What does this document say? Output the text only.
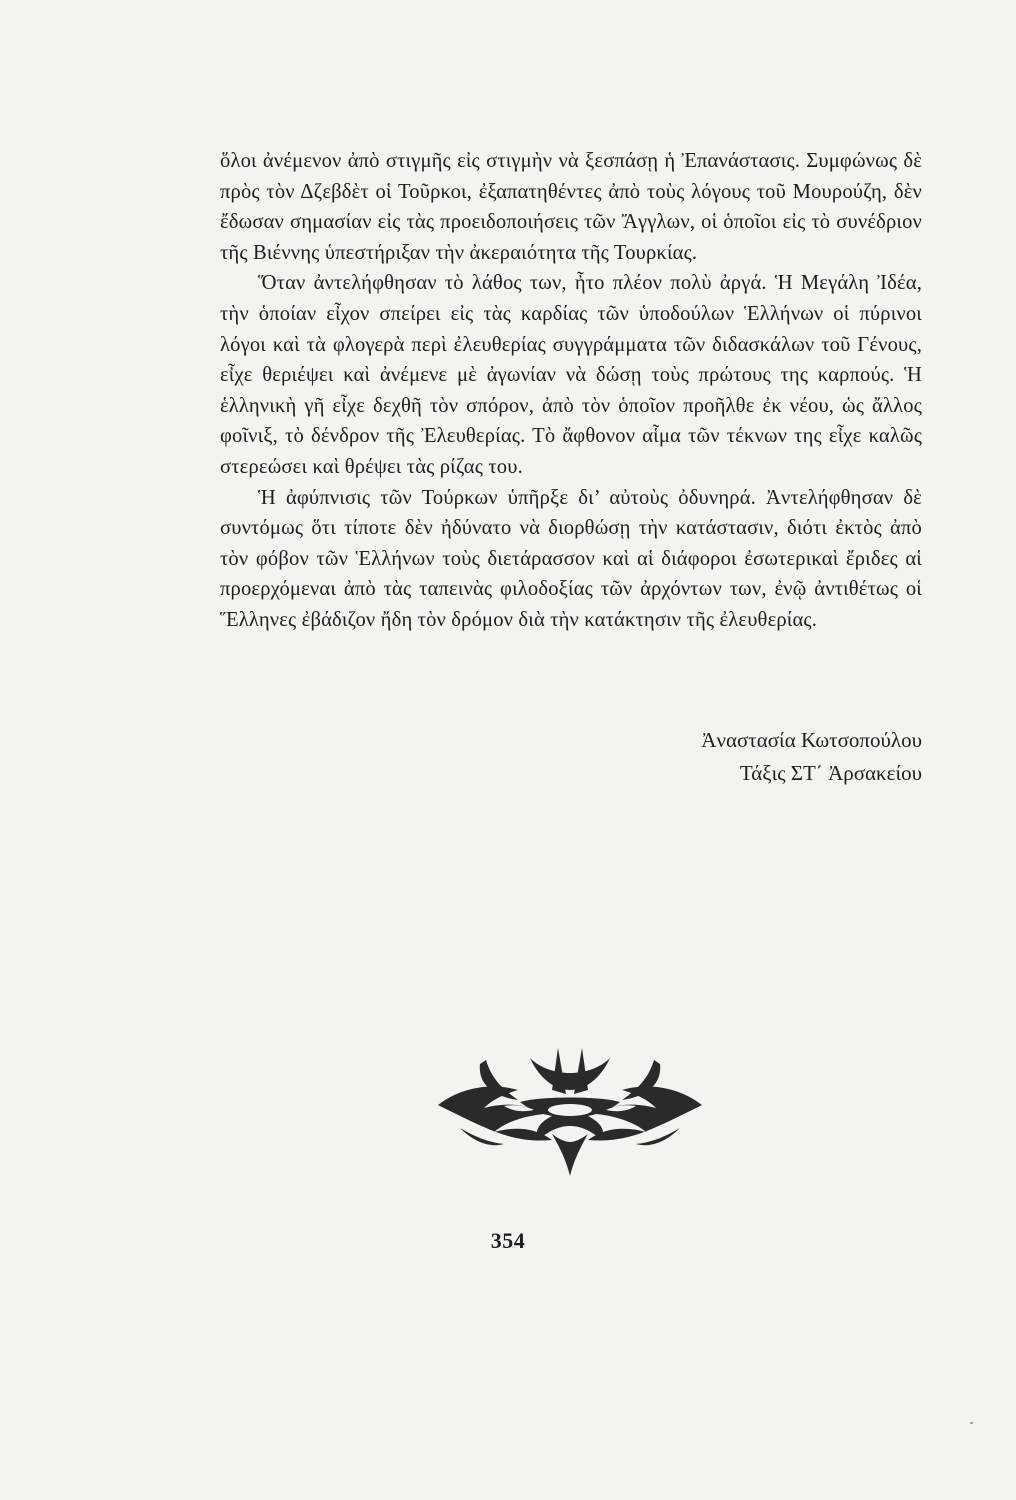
ὅλοι ἀνέμενον ἀπὸ στιγμῆς εἰς στιγμὴν νὰ ξεσπάσῃ ἡ Ἐπανάστασις. Συμφώνως δὲ πρὸς τὸν Δζεβδὲτ οἱ Τοῦρκοι, ἐξαπατηθέντες ἀπὸ τοὺς λόγους τοῦ Μουρούζη, δὲν ἔδωσαν σημασίαν εἰς τὰς προειδοποιήσεις τῶν Ἄγγλων, οἱ ὁποῖοι εἰς τὸ συνέδριον τῆς Βιέννης ὑπεστήριξαν τὴν ἀκεραιότητα τῆς Τουρκίας.

Ὅταν ἀντελήφθησαν τὸ λάθος των, ἦτο πλέον πολὺ ἀργά. Ἡ Μεγάλη Ἰδέα, τὴν ὁποίαν εἶχον σπείρει εἰς τὰς καρδίας τῶν ὑποδούλων Ἑλλήνων οἱ πύρινοι λόγοι καὶ τὰ φλογερὰ περὶ ἐλευθερίας συγγράμματα τῶν διδασκάλων τοῦ Γένους, εἶχε θεριέψει καὶ ἀνέμενε μὲ ἀγωνίαν νὰ δώσῃ τοὺς πρώτους της καρπούς. Ἡ ἑλληνικὴ γῆ εἶχε δεχθῆ τὸν σπόρον, ἀπὸ τὸν ὁποῖον προῆλθε ἐκ νέου, ὡς ἄλλος φοῖνιξ, τὸ δένδρον τῆς Ἐλευθερίας. Τὸ ἄφθονον αἷμα τῶν τέκνων της εἶχε καλῶς στερεώσει καὶ θρέψει τὰς ρίζας του.

Ἡ ἀφύπνισις τῶν Τούρκων ὑπῆρξε δι’ αὐτοὺς ὀδυνηρά. Ἀντελήφθησαν δὲ συντόμως ὅτι τίποτε δὲν ἠδύνατο νὰ διορθώσῃ τὴν κατάστασιν, διότι ἐκτὸς ἀπὸ τὸν φόβον τῶν Ἑλλήνων τοὺς διετάρασσον καὶ αἱ διάφοροι ἐσωτερικαὶ ἔριδες αἱ προερχόμεναι ἀπὸ τὰς ταπεινὰς φιλοδοξίας τῶν ἀρχόντων των, ἐνῷ ἀντιθέτως οἱ Ἕλληνες ἐβάδιζον ἤδη τὸν δρόμον διὰ τὴν κατάκτησιν τῆς ἐλευθερίας.

Ἀναστασία Κωτσοπούλου
Τάξις ΣΤ΄ Ἀρσακείου
354
